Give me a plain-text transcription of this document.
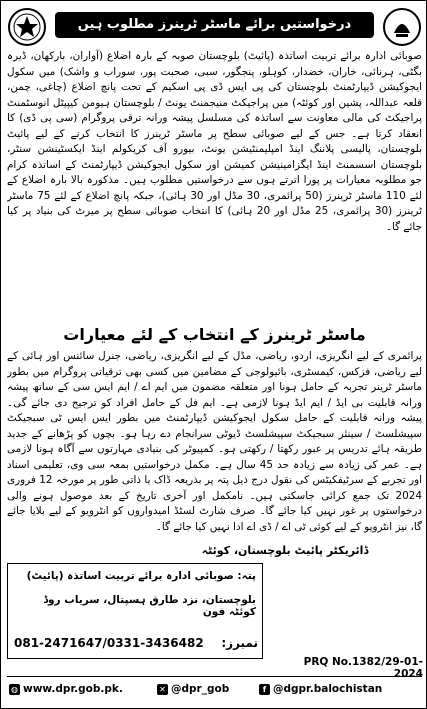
درخواستیں برائے ماسٹر ٹرینرز مطلوب ہیں
صوبائی ادارہ برائے تربیت اساتذہ (پائیٹ) بلوچستان صوبہ کے بارہ اضلاع (آواران، بارکھان، ڈیرہ بگٹی، ہرنائی، خاران، خضدار، کوہلو، پنجگور، سبی، صحبت پور، سوراب و واشک) میں سکول ایجوکیشن ڈیپارٹمنٹ بلوچستان کی پی ایس ڈی پی اسکیم کے تحت پانچ اضلاع (چاغی، چمن، قلعہ عبداللہ، پشین اور کوئٹہ) میں پراجیکٹ منیجمنٹ یونٹ / بلوچستان ہیومن کیپیٹل انوسٹمنٹ پراجیکٹ کی مالی معاونت سے اساتذہ کی مسلسل پیشہ ورانہ ترقی پروگرام (سی پی ڈی) کا انعقاد کرتا ہے۔ جس کے لیے صوبائی سطح پر ماسٹر ٹرینرز کا انتخاب کرنے کے لیے پائیٹ بلوچستان، پالیسی پلاننگ اینڈ امپلیمنٹیشن یونٹ، بیورو آف کریکولم اینڈ ایکسٹینشن سنٹر، بلوچستان اسسمنٹ اینڈ ایگزامینیشن کمیشن اور سکول ایجوکیشن ڈیپارٹمنٹ کے اساتذہ کرام جو مطلوبہ معیارات پر پورا اترتے ہوں سے درخواستیں مطلوب ہیں۔ مذکورہ بالا بارہ اضلاع کے لئے 110 ماسٹر ٹرینرز (50 پرائمری، 30 مڈل اور 30 ہائی)، جبکہ پانچ اضلاع کے لئے 75 ماسٹر ٹرینرز (30 پرائمری، 25 مڈل اور 20 ہائی) کا انتخاب صوبائی سطح پر میرٹ کی بنیاد پر کیا جائے گا۔
ماسٹر ٹرینرز کے انتخاب کے لئے معیارات
پرائمری کے لیے انگریزی، اردو، ریاضی، مڈل کے لیے انگریزی، ریاضی، جنرل سائنس اور ہائی کے لیے ریاضی، فزکس، کیمسٹری، بائیولوجی کے مضامین میں کسی بھی ترقیاتی پروگرام میں بطور ماسٹر ٹرینر تجربہ کے حامل ہونا اور متعلقہ مضمون میں ایم اے / ایم ایس سی کے ساتھ پیشہ ورانہ قابلیت بی ایڈ / ایم ایڈ ہونا لازمی ہے۔ ایم فل کے حامل افراد کو ترجیح دی جائے گی۔ پیشہ ورانہ قابلیت کے حامل سکول ایجوکیشن ڈیپارٹمنٹ میں بطور ایس ایس ٹی سبجیکٹ سپیشلسٹ / سینئر سبجیکٹ سپیشلسٹ ڈیوٹی سرانجام دے رہا ہو۔ بچوں کو پڑھانے کے جدید طریقہ ہائے تدریس پر عبور رکھتا / رکھتی ہو۔ کمپیوٹر کی بنیادی مہارتوں سے آگاہ ہونا لازمی ہے۔ عمر کی زیادہ سے زیادہ حد 45 سال ہے۔ مکمل درخواستیں بمعہ سی وی، تعلیمی اسناد اور تجربے کے سرٹیفکیٹس کی نقول درج ذیل پتہ پر بذریعہ ڈاک یا ذاتی طور پر مورخہ 12 فروری 2024 تک جمع کرائی جاسکتی ہیں۔ نامکمل اور آخری تاریخ کے بعد موصول ہونے والی درخواستوں پر غور نہیں کیا جائے گا۔ صرف شارٹ لسٹڈ امیدواروں کو انٹرویو کے لیے بلایا جائے گا، نیز انٹرویو کے لیے کوئی ٹی اے / ڈی اے ادا نہیں کیا جائے گا۔
ڈائریکٹر پائیٹ بلوچستان، کوئٹہ
پتہ: صوبائی ادارہ برائے تربیت اساتذہ (پائیٹ)
بلوچستان، نزد طارق ہسپتال، سریاب روڈ کوئٹہ فون
081-2471647/0331-3436482 نمبرز:
PRQ No.1382/29-01-2024
◍ www.dpr.gob.pk.	✕ @dpr_gob	f @dgpr.balochistan
